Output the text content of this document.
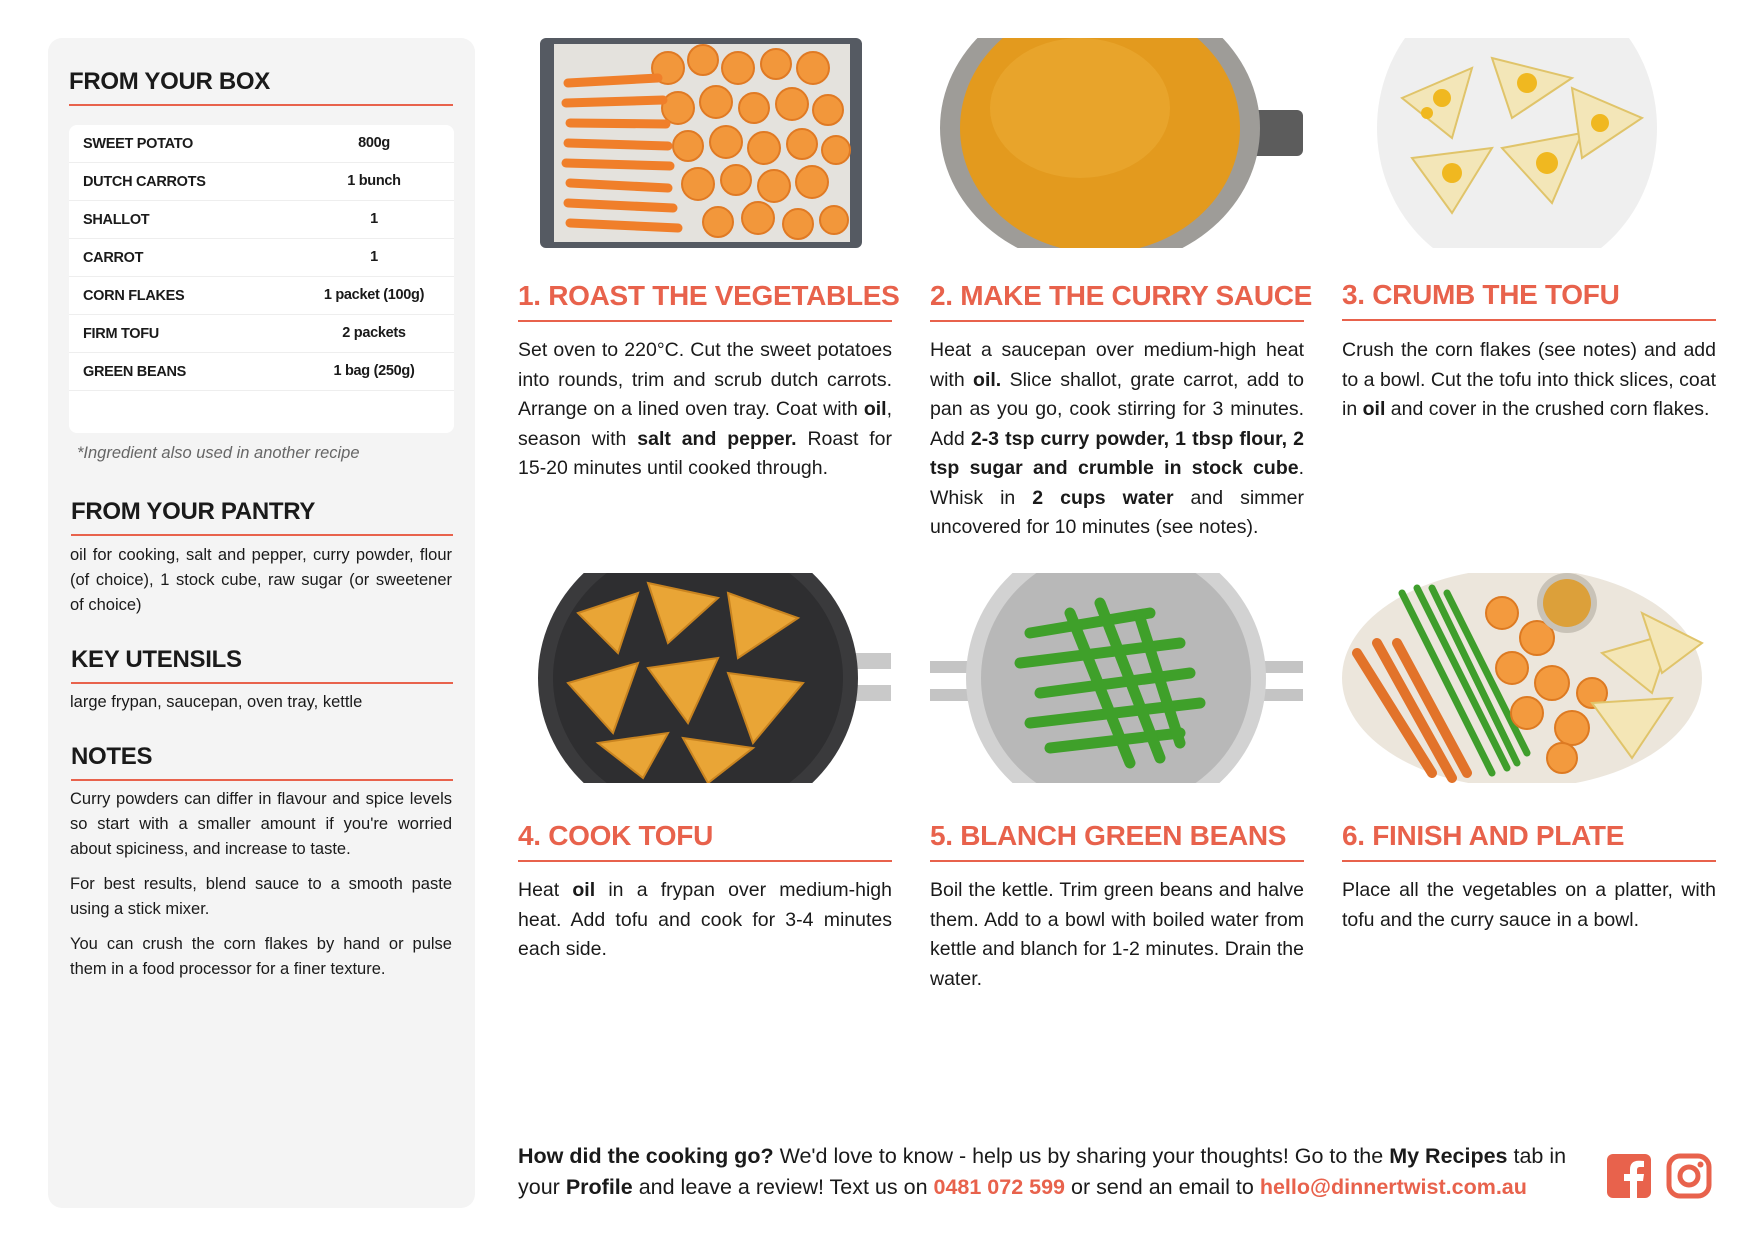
FROM YOUR BOX
SWEET POTATO	800g
DUTCH CARROTS	1 bunch
SHALLOT	1
CARROT	1
CORN FLAKES	1 packet (100g)
FIRM TOFU	2 packets
GREEN BEANS	1 bag (250g)
*Ingredient also used in another recipe
FROM YOUR PANTRY
oil for cooking, salt and pepper, curry powder, flour (of choice), 1 stock cube, raw sugar (or sweetener of choice)
KEY UTENSILS
large frypan, saucepan, oven tray, kettle
NOTES
Curry powders can differ in flavour and spice levels so start with a smaller amount if you're worried about spiciness, and increase to taste.
For best results, blend sauce to a smooth paste using a stick mixer.
You can crush the corn flakes by hand or pulse them in a food processor for a finer texture.
1. ROAST THE VEGETABLES 2. MAKE THE CURRY SAUCE 3. CRUMB THE TOFU
4. COOK TOFU	5. BLANCH GREEN BEANS	6. FINISH AND PLATE
Set oven to 220°C. Cut the sweet potatoes into rounds, trim and scrub dutch carrots. Arrange on a lined oven tray. Coat with oil, season with salt and pepper. Roast for 15-20 minutes until cooked through.
Heat a saucepan over medium-high heat with oil. Slice shallot, grate carrot, add to pan as you go, cook stirring for 3 minutes. Add 2-3 tsp curry powder, 1 tbsp flour, 2 tsp sugar and crumble in stock cube. Whisk in 2 cups water and simmer uncovered for 10 minutes (see notes).
Crush the corn flakes (see notes) and add to a bowl. Cut the tofu into thick slices, coat in oil and cover in the crushed corn flakes.
Heat oil in a frypan over medium-high heat. Add tofu and cook for 3-4 minutes each side.
Boil the kettle. Trim green beans and halve them. Add to a bowl with boiled water from kettle and blanch for 1-2 minutes. Drain the water.
Place all the vegetables on a platter, with tofu and the curry sauce in a bowl.
How did the cooking go? We'd love to know - help us by sharing your thoughts! Go to the My Recipes tab in your Profile and leave a review! Text us on 0481 072 599 or send an email to hello@dinnertwist.com.au
